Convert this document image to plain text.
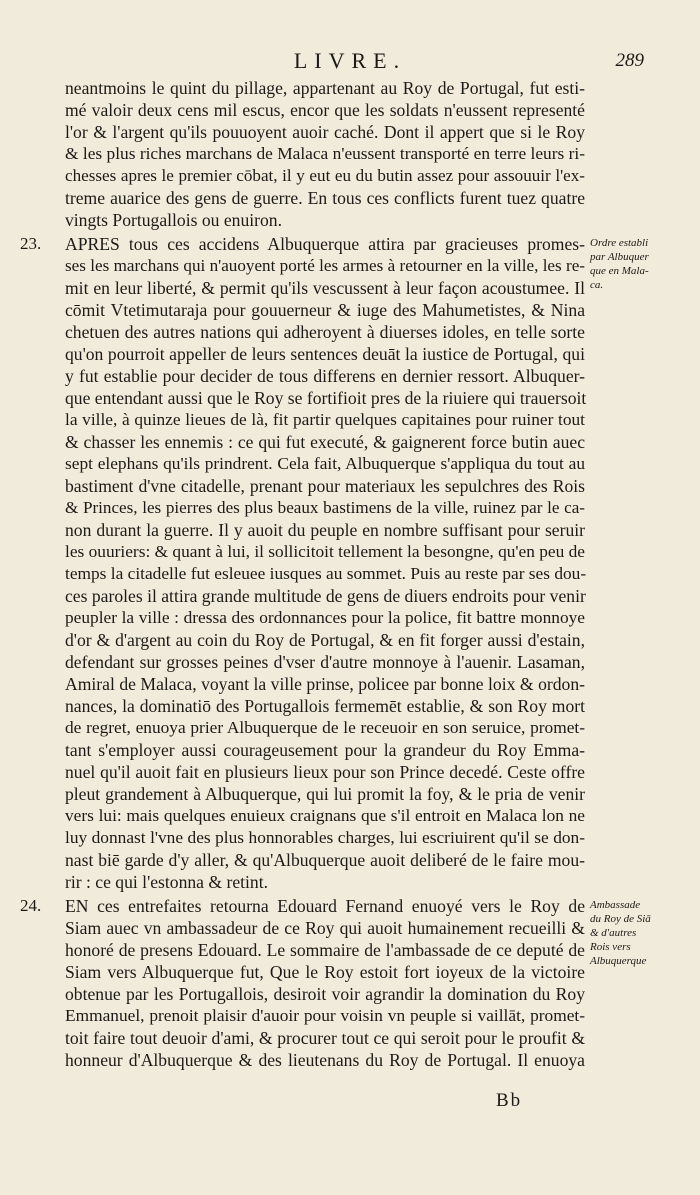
LIVRE.	289
neantmoins le quint du pillage, appartenant au Roy de Portugal, fut esti-
mé valoir deux cens mil escus, encor que les soldats n'eussent representé
l'or & l'argent qu'ils pouuoyent auoir caché. Dont il appert que si le Roy
& les plus riches marchans de Malaca n'eussent transporté en terre leurs ri-
chesses apres le premier cōbat, il y eut eu du butin assez pour assouuir l'ex-
treme auarice des gens de guerre. En tous ces conflicts furent tuez quatre
vingts Portugallois ou enuiron.
23.	APRES tous ces accidens Albuquerque attira par gracieuses promes-
ses les marchans qui n'auoyent porté les armes à retourner en la ville, les re-
mit en leur liberté, & permit qu'ils vescussent à leur façon acoustumee. Il
cōmit Vtetimutaraja pour gouuerneur & iuge des Mahumetistes, & Nina
chetuen des autres nations qui adheroyent à diuerses idoles, en telle sorte
qu'on pourroit appeller de leurs sentences deuāt la iustice de Portugal, qui
y fut establie pour decider de tous differens en dernier ressort. Albuquer-
que entendant aussi que le Roy se fortifioit pres de la riuiere qui trauersoit
la ville, à quinze lieues de là, fit partir quelques capitaines pour ruiner tout
& chasser les ennemis : ce qui fut executé, & gaignerent force butin auec
sept elephans qu'ils prindrent. Cela fait, Albuquerque s'appliqua du tout au
bastiment d'vne citadelle, prenant pour materiaux les sepulchres des Rois
& Princes, les pierres des plus beaux bastimens de la ville, ruinez par le ca-
non durant la guerre. Il y auoit du peuple en nombre suffisant pour seruir
les ouuriers: & quant à lui, il sollicitoit tellement la besongne, qu'en peu de
temps la citadelle fut esleuee iusques au sommet. Puis au reste par ses dou-
ces paroles il attira grande multitude de gens de diuers endroits pour venir
peupler la ville : dressa des ordonnances pour la police, fit battre monnoye
d'or & d'argent au coin du Roy de Portugal, & en fit forger aussi d'estain,
defendant sur grosses peines d'vser d'autre monnoye à l'auenir. Lasaman,
Amiral de Malaca, voyant la ville prinse, policee par bonne loix & ordon-
nances, la dominatiō des Portugallois fermemēt establie, & son Roy mort
de regret, enuoya prier Albuquerque de le receuoir en son seruice, promet-
tant s'employer aussi courageusement pour la grandeur du Roy Emma-
nuel qu'il auoit fait en plusieurs lieux pour son Prince decedé. Ceste offre
pleut grandement à Albuquerque, qui lui promit la foy, & le pria de venir
vers lui: mais quelques enuieux craignans que s'il entroit en Malaca lon ne
luy donnast l'vne des plus honnorables charges, lui escriuirent qu'il se don-
nast biē garde d'y aller, & qu'Albuquerque auoit deliberé de le faire mou-
rir : ce qui l'estonna & retint.
24.	EN ces entrefaites retourna Edouard Fernand enuoyé vers le Roy de
Siam auec vn ambassadeur de ce Roy qui auoit humainement recueilli &
honoré de presens Edouard. Le sommaire de l'ambassade de ce deputé de
Siam vers Albuquerque fut, Que le Roy estoit fort ioyeux de la victoire
obtenue par les Portugallois, desiroit voir agrandir la domination du Roy
Emmanuel, prenoit plaisir d'auoir pour voisin vn peuple si vaillāt, promet-
toit faire tout deuoir d'ami, & procurer tout ce qui seroit pour le proufit &
honneur d'Albuquerque & des lieutenans du Roy de Portugal. Il enuoya
Ordre establi
par Albuquer
que en Mala-
ca.
Ambassade
du Roy de Siā
& d'autres
Rois vers
Albuquerque
Bb
